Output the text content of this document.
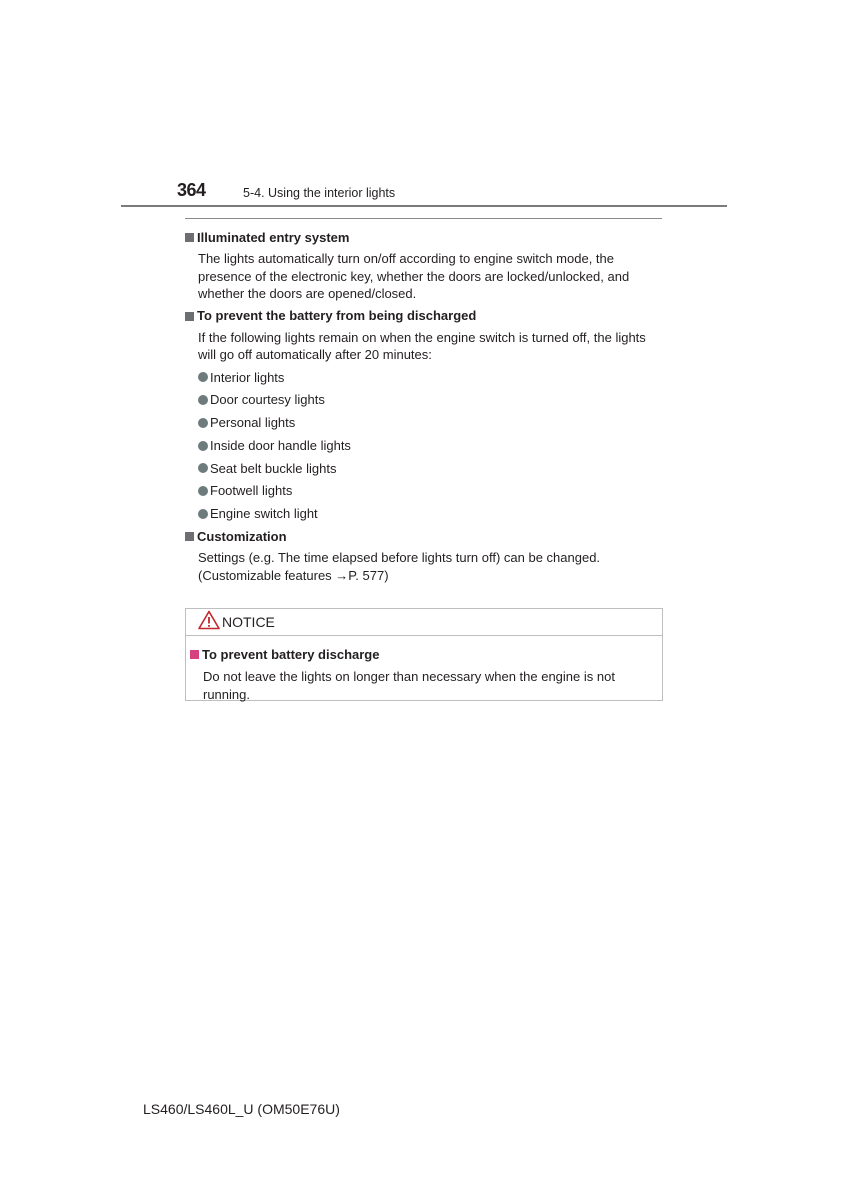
364	5-4. Using the interior lights
Illuminated entry system
The lights automatically turn on/off according to engine switch mode, the presence of the electronic key, whether the doors are locked/unlocked, and whether the doors are opened/closed.
To prevent the battery from being discharged
If the following lights remain on when the engine switch is turned off, the lights will go off automatically after 20 minutes:
Interior lights
Door courtesy lights
Personal lights
Inside door handle lights
Seat belt buckle lights
Footwell lights
Engine switch light
Customization
Settings (e.g. The time elapsed before lights turn off) can be changed.
(Customizable features →P. 577)
NOTICE
To prevent battery discharge
Do not leave the lights on longer than necessary when the engine is not running.
LS460/LS460L_U (OM50E76U)
